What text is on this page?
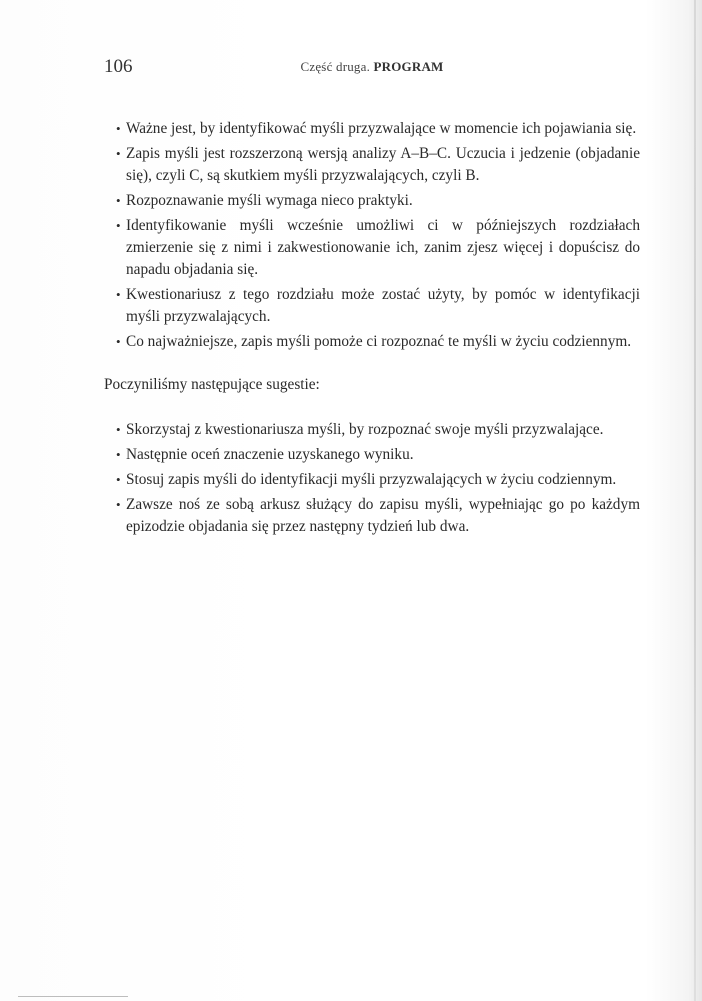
106	Część druga. PROGRAM
• Ważne jest, by identyfikować myśli przyzwalające w momencie ich pojawiania się.
• Zapis myśli jest rozszerzoną wersją analizy A–B–C. Uczucia i jedzenie (objadanie się), czyli C, są skutkiem myśli przyzwalających, czyli B.
• Rozpoznawanie myśli wymaga nieco praktyki.
• Identyfikowanie myśli wcześnie umożliwi ci w późniejszych rozdziałach zmierzenie się z nimi i zakwestionowanie ich, zanim zjesz więcej i dopuścisz do napadu objadania się.
• Kwestionariusz z tego rozdziału może zostać użyty, by pomóc w identyfikacji myśli przyzwalających.
• Co najważniejsze, zapis myśli pomoże ci rozpoznać te myśli w życiu codziennym.

Poczyniliśmy następujące sugestie:

• Skorzystaj z kwestionariusza myśli, by rozpoznać swoje myśli przyzwalające.
• Następnie oceń znaczenie uzyskanego wyniku.
• Stosuj zapis myśli do identyfikacji myśli przyzwalających w życiu codziennym.
• Zawsze noś ze sobą arkusz służący do zapisu myśli, wypełniając go po każdym epizodzie objadania się przez następny tydzień lub dwa.
